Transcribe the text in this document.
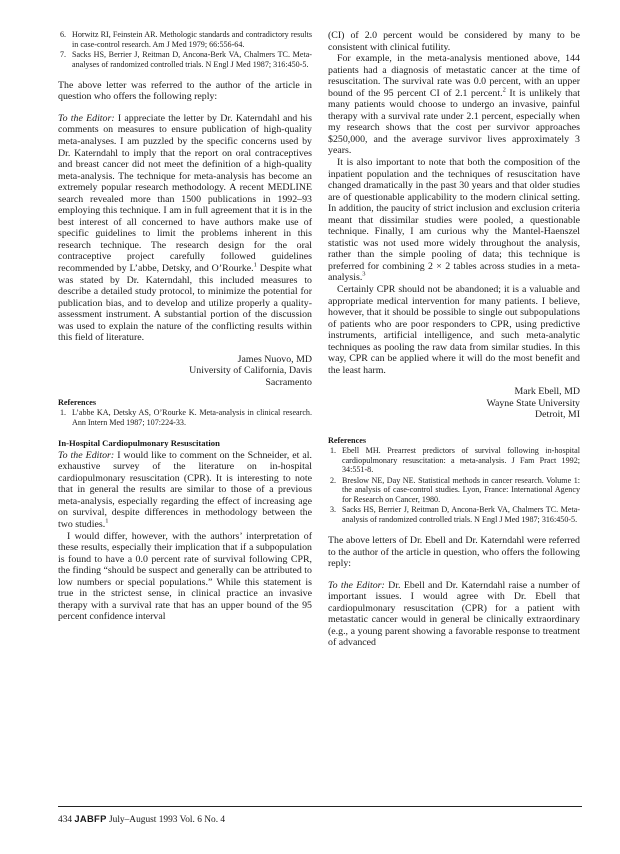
6. Horwitz RI, Feinstein AR. Methologic standards and contradictory results in case-control research. Am J Med 1979; 66:556-64.
7. Sacks HS, Berrier J, Reitman D, Ancona-Berk VA, Chalmers TC. Meta-analyses of randomized controlled trials. N Engl J Med 1987; 316:450-5.

The above letter was referred to the author of the article in question who offers the following reply:

To the Editor: I appreciate the letter by Dr. Katerndahl and his comments on measures to ensure publication of high-quality meta-analyses. I am puzzled by the specific concerns used by Dr. Katerndahl to imply that the report on oral contraceptives and breast cancer did not meet the definition of a high-quality meta-analysis. The technique for meta-analysis has become an extremely popular research methodology. A recent MEDLINE search revealed more than 1500 publications in 1992–93 employing this technique. I am in full agreement that it is in the best interest of all concerned to have authors make use of specific guidelines to limit the problems inherent in this research technique. The research design for the oral contraceptive project carefully followed guidelines recommended by L’abbe, Detsky, and O’Rourke.$^1$ Despite what was stated by Dr. Katerndahl, this included measures to describe a detailed study protocol, to minimize the potential for publication bias, and to develop and utilize properly a quality-assessment instrument. A substantial portion of the discussion was used to explain the nature of the conflicting results within this field of literature.

James Nuovo, MD
University of California, Davis
Sacramento
References
1. L’abbe KA, Detsky AS, O’Rourke K. Meta-analysis in clinical research. Ann Intern Med 1987; 107:224-33.
In-Hospital Cardiopulmonary Resuscitation

To the Editor: I would like to comment on the Schneider, et al. exhaustive survey of the literature on in-hospital cardiopulmonary resuscitation (CPR). It is interesting to note that in general the results are similar to those of a previous meta-analysis, especially regarding the effect of increasing age on survival, despite differences in methodology between the two studies.$^1$

I would differ, however, with the authors’ interpretation of these results, especially their implication that if a subpopulation is found to have a 0.0 percent rate of survival following CPR, the finding “should be suspect and generally can be attributed to low numbers or special populations.” While this statement is true in the strictest sense, in clinical practice an invasive therapy with a survival rate that has an upper bound of the 95 percent confidence interval

(CI) of 2.0 percent would be considered by many to be consistent with clinical futility.

For example, in the meta-analysis mentioned above, 144 patients had a diagnosis of metastatic cancer at the time of resuscitation. The survival rate was 0.0 percent, with an upper bound of the 95 percent CI of 2.1 percent.$^2$ It is unlikely that many patients would choose to undergo an invasive, painful therapy with a survival rate under 2.1 percent, especially when my research shows that the cost per survivor approaches $250,000, and the average survivor lives approximately 3 years.

It is also important to note that both the composition of the inpatient population and the techniques of resuscitation have changed dramatically in the past 30 years and that older studies are of questionable applicability to the modern clinical setting. In addition, the paucity of strict inclusion and exclusion criteria meant that dissimilar studies were pooled, a questionable technique. Finally, I am curious why the Mantel-Haenszel statistic was not used more widely throughout the analysis, rather than the simple pooling of data; this technique is preferred for combining 2 × 2 tables across studies in a meta-analysis.$^3$

Certainly CPR should not be abandoned; it is a valuable and appropriate medical intervention for many patients. I believe, however, that it should be possible to single out subpopulations of patients who are poor responders to CPR, using predictive instruments, artificial intelligence, and such meta-analytic techniques as pooling the raw data from similar studies. In this way, CPR can be applied where it will do the most benefit and the least harm.

Mark Ebell, MD
Wayne State University
Detroit, MI
References
1. Ebell MH. Prearrest predictors of survival following in-hospital cardiopulmonary resuscitation: a meta-analysis. J Fam Pract 1992; 34:551-8.
2. Breslow NE, Day NE. Statistical methods in cancer research. Volume 1: the analysis of case-control studies. Lyon, France: International Agency for Research on Cancer, 1980.
3. Sacks HS, Berrier J, Reitman D, Ancona-Berk VA, Chalmers TC. Meta-analysis of randomized controlled trials. N Engl J Med 1987; 316:450-5.

The above letters of Dr. Ebell and Dr. Katerndahl were referred to the author of the article in question, who offers the following reply:

To the Editor: Dr. Ebell and Dr. Katerndahl raise a number of important issues. I would agree with Dr. Ebell that cardiopulmonary resuscitation (CPR) for a patient with metastatic cancer would in general be clinically extraordinary (e.g., a young parent showing a favorable response to treatment of advanced

434 JABFP July–August 1993 Vol. 6 No. 4
